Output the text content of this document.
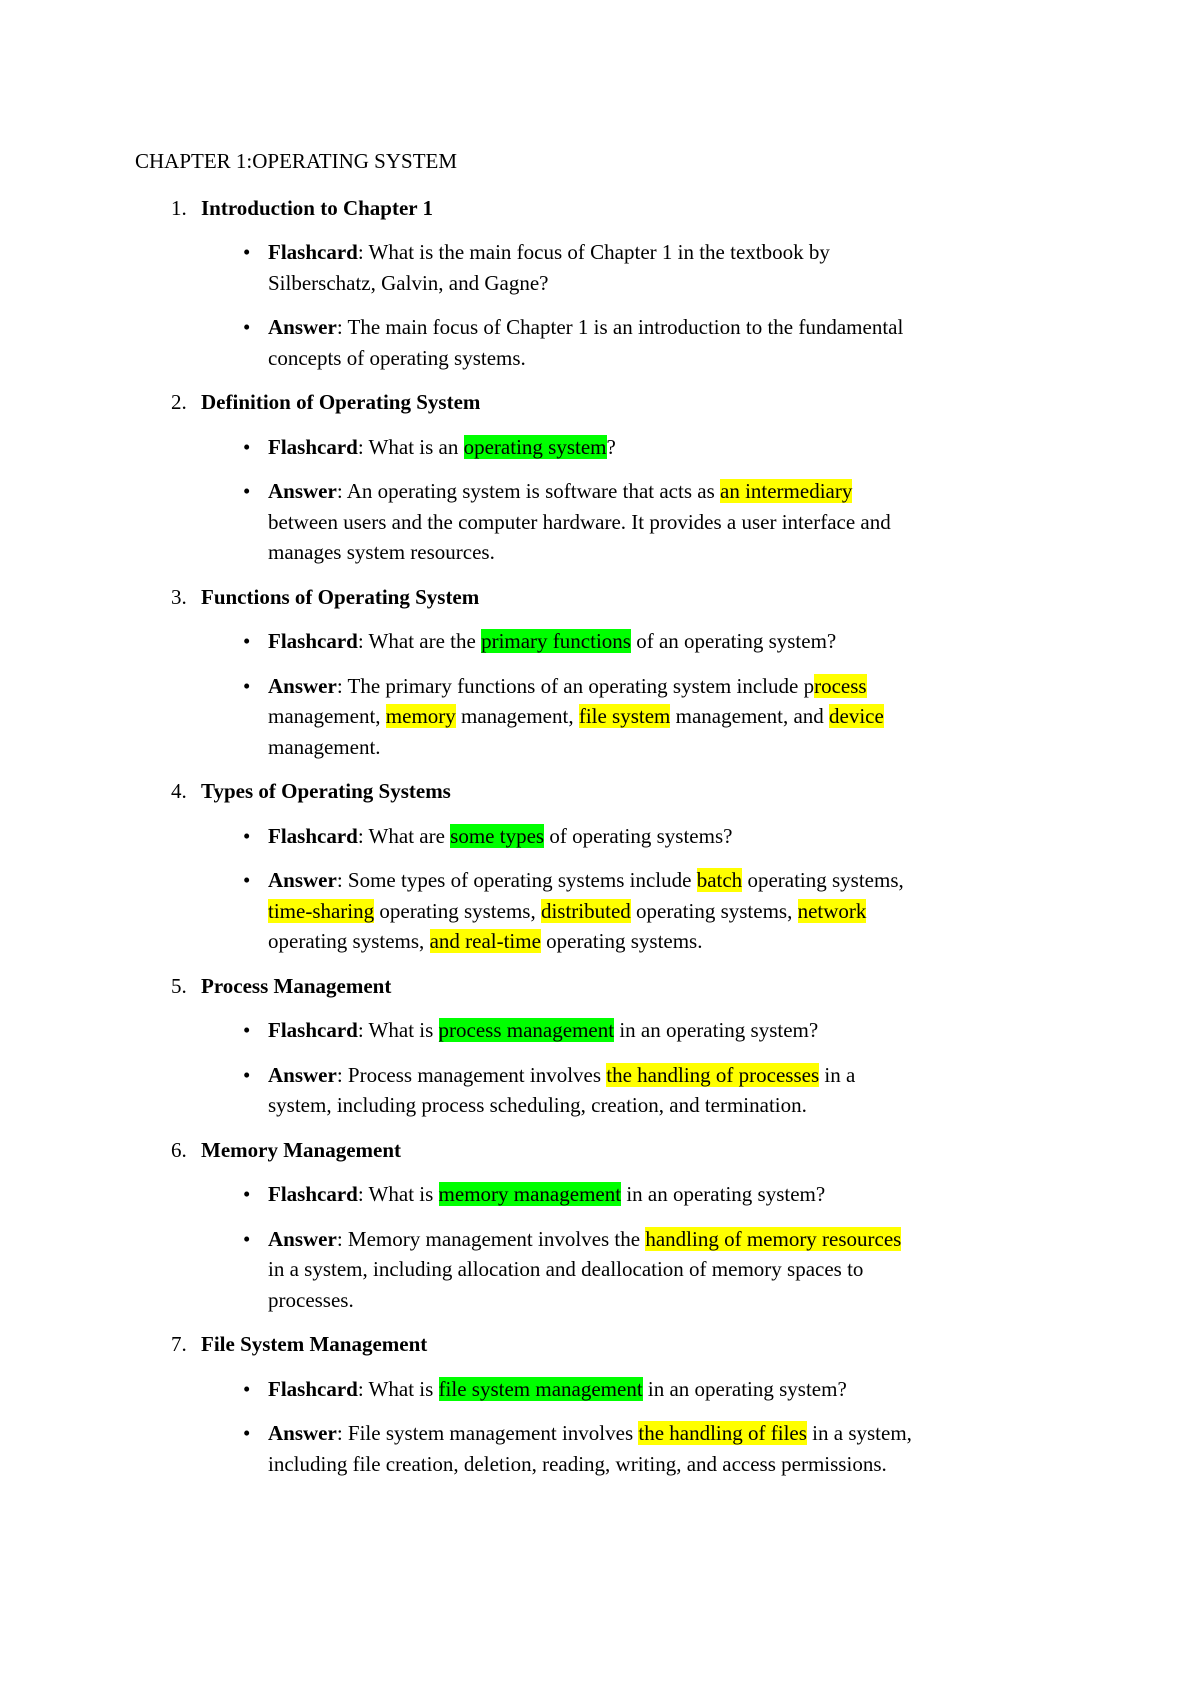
CHAPTER 1:OPERATING SYSTEM
1. Introduction to Chapter 1
• Flashcard: What is the main focus of Chapter 1 in the textbook by Silberschatz, Galvin, and Gagne?
• Answer: The main focus of Chapter 1 is an introduction to the fundamental concepts of operating systems.
2. Definition of Operating System
• Flashcard: What is an operating system?
• Answer: An operating system is software that acts as an intermediary between users and the computer hardware. It provides a user interface and manages system resources.
3. Functions of Operating System
• Flashcard: What are the primary functions of an operating system?
• Answer: The primary functions of an operating system include process management, memory management, file system management, and device management.
4. Types of Operating Systems
• Flashcard: What are some types of operating systems?
• Answer: Some types of operating systems include batch operating systems, time-sharing operating systems, distributed operating systems, network operating systems, and real-time operating systems.
5. Process Management
• Flashcard: What is process management in an operating system?
• Answer: Process management involves the handling of processes in a system, including process scheduling, creation, and termination.
6. Memory Management
• Flashcard: What is memory management in an operating system?
• Answer: Memory management involves the handling of memory resources in a system, including allocation and deallocation of memory spaces to processes.
7. File System Management
• Flashcard: What is file system management in an operating system?
• Answer: File system management involves the handling of files in a system, including file creation, deletion, reading, writing, and access permissions.
